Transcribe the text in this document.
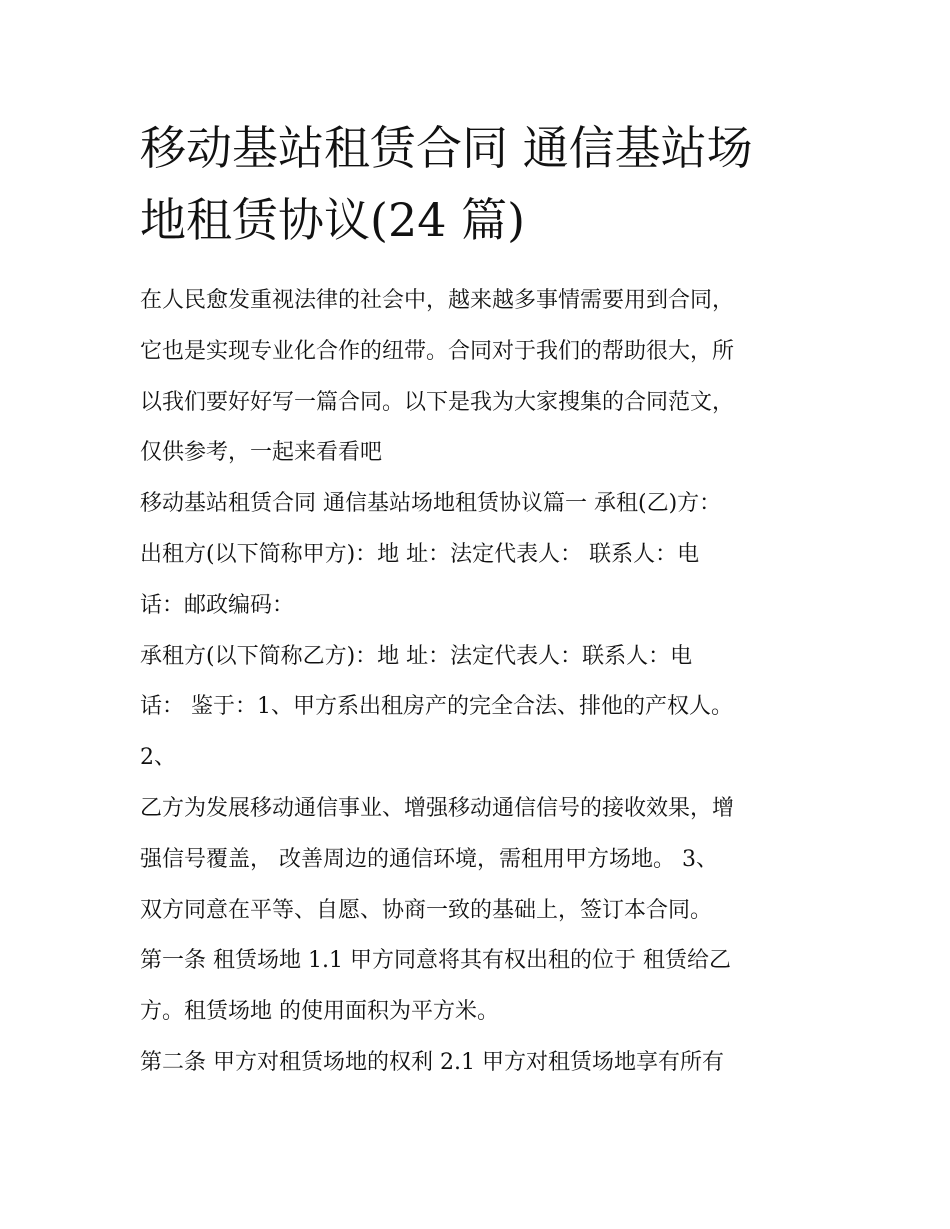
移动基站租赁合同 通信基站场
地租赁协议(24 篇)
在人民愈发重视法律的社会中，越来越多事情需要用到合同，
它也是实现专业化合作的纽带。合同对于我们的帮助很大，所
以我们要好好写一篇合同。以下是我为大家搜集的合同范文，
仅供参考，一起来看看吧
移动基站租赁合同 通信基站场地租赁协议篇一 承租(乙)方：
出租方(以下简称甲方)：地 址：法定代表人： 联系人：电
话：邮政编码：
承租方(以下简称乙方)：地 址：法定代表人：联系人：电
话： 鉴于：1、甲方系出租房产的完全合法、排他的产权人。
2、
乙方为发展移动通信事业、增强移动通信信号的接收效果，增
强信号覆盖， 改善周边的通信环境，需租用甲方场地。 3、
双方同意在平等、自愿、协商一致的基础上，签订本合同。
第一条 租赁场地 1.1 甲方同意将其有权出租的位于 租赁给乙
方。租赁场地 的使用面积为平方米。
第二条 甲方对租赁场地的权利 2.1 甲方对租赁场地享有所有
